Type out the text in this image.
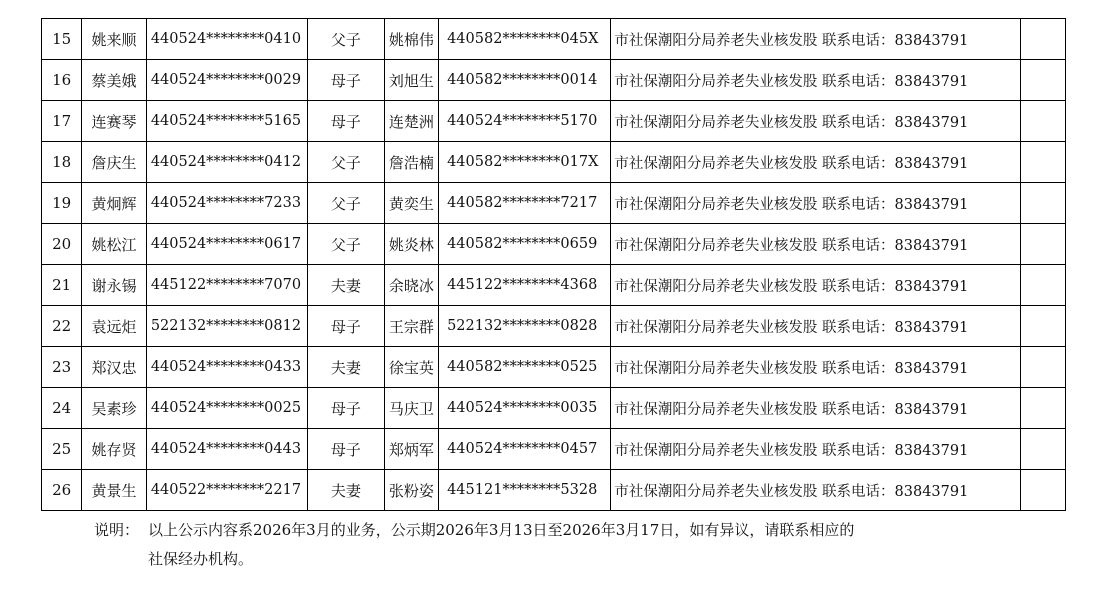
15	姚来顺	440524********0410	父子	姚棉伟	440582********045X	市社保潮阳分局养老失业核发股 联系电话：83843791	
16	蔡美娥	440524********0029	母子	刘旭生	440582********0014	市社保潮阳分局养老失业核发股 联系电话：83843791	
17	连赛琴	440524********5165	母子	连楚洲	440524********5170	市社保潮阳分局养老失业核发股 联系电话：83843791	
18	詹庆生	440524********0412	父子	詹浩楠	440582********017X	市社保潮阳分局养老失业核发股 联系电话：83843791	
19	黄炯辉	440524********7233	父子	黄奕生	440582********7217	市社保潮阳分局养老失业核发股 联系电话：83843791	
20	姚松江	440524********0617	父子	姚炎林	440582********0659	市社保潮阳分局养老失业核发股 联系电话：83843791	
21	谢永锡	445122********7070	夫妻	余晓冰	445122********4368	市社保潮阳分局养老失业核发股 联系电话：83843791	
22	袁远炬	522132********0812	母子	王宗群	522132********0828	市社保潮阳分局养老失业核发股 联系电话：83843791	
23	郑汉忠	440524********0433	夫妻	徐宝英	440582********0525	市社保潮阳分局养老失业核发股 联系电话：83843791	
24	吴素珍	440524********0025	母子	马庆卫	440524********0035	市社保潮阳分局养老失业核发股 联系电话：83843791	
25	姚存贤	440524********0443	母子	郑炳军	440524********0457	市社保潮阳分局养老失业核发股 联系电话：83843791	
26	黄景生	440522********2217	夫妻	张粉姿	445121********5328	市社保潮阳分局养老失业核发股 联系电话：83843791	
说明： 以上公示内容系2026年3月的业务，公示期2026年3月13日至2026年3月17日，如有异议，请联系相应的
社保经办机构。
